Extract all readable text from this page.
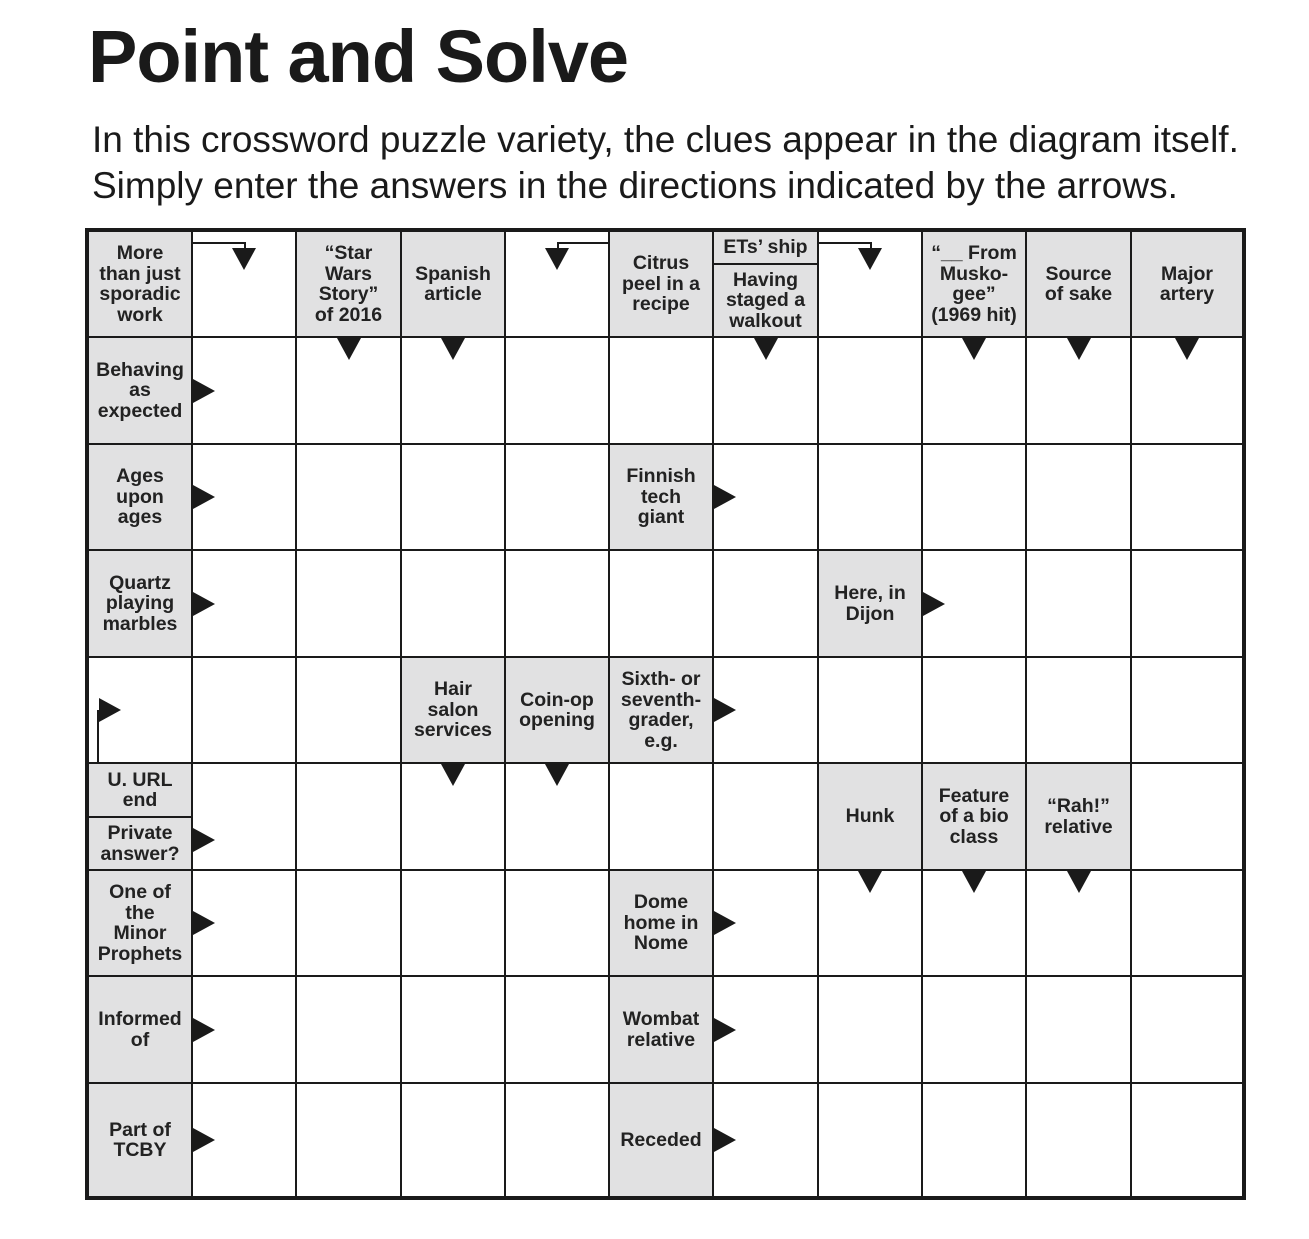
Point and Solve
In this crossword puzzle variety, the clues appear in the diagram itself.
Simply enter the answers in the directions indicated by the arrows.
More
than just
sporadic
work
“Star
Wars
Story”
of 2016
Spanish
article
Citrus
peel in a
recipe
ETs’ ship
Having
staged a
walkout
“__ From
Musko-
gee”
(1969 hit)
Source
of sake
Major
artery
Behaving
as
expected
Ages
upon
ages
Finnish
tech
giant
Quartz
playing
marbles
Here, in
Dijon
Hair
salon
services
Coin-op
opening
Sixth- or
seventh-
grader,
e.g.
U. URL
end
Private
answer?
Hunk
Feature
of a bio
class
“Rah!”
relative
One of
the
Minor
Prophets
Dome
home in
Nome
Informed
of
Wombat
relative
Part of
TCBY	Receded
